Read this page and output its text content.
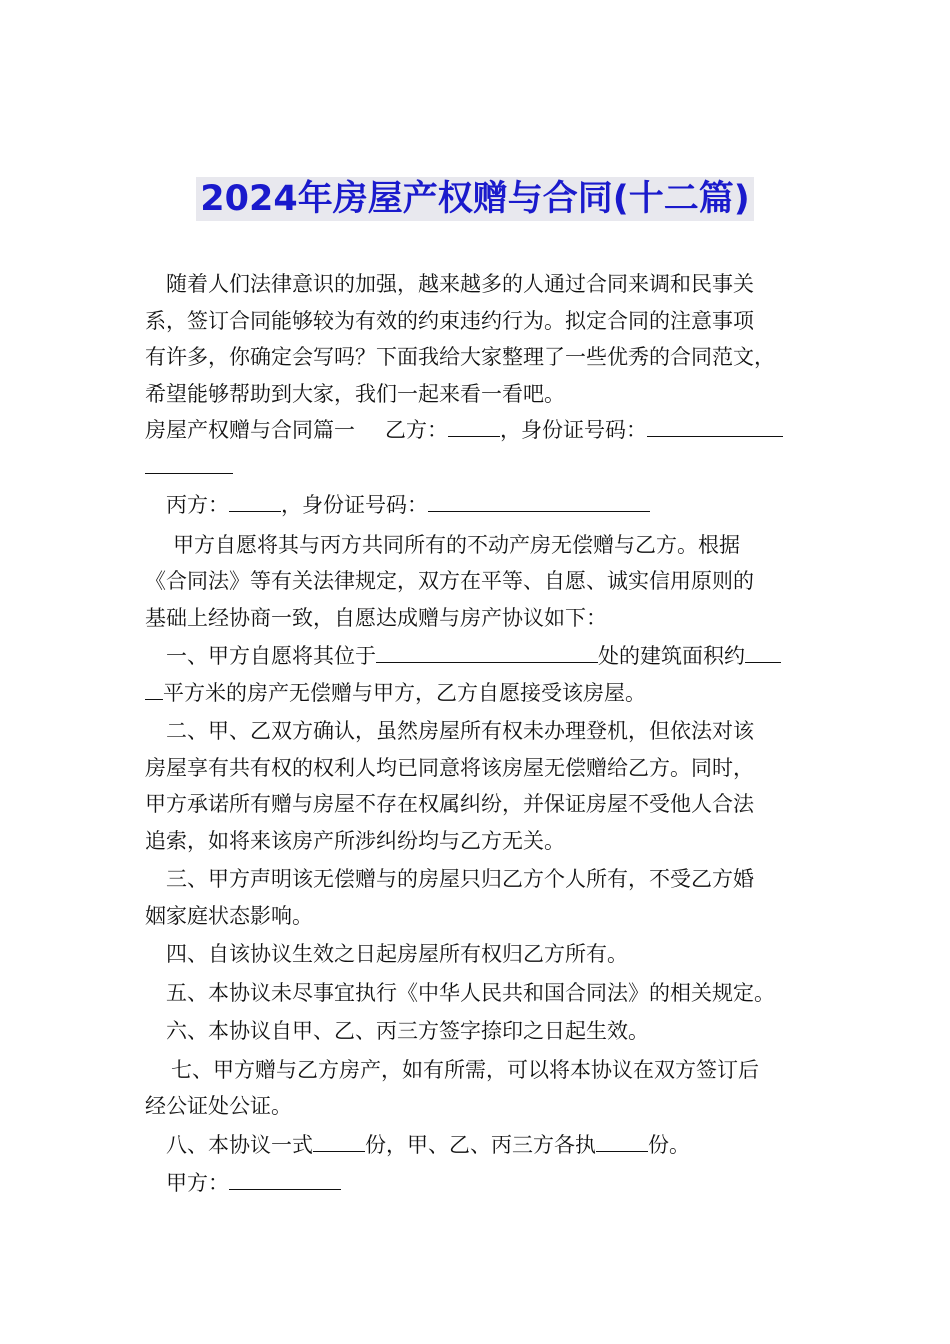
2024年房屋产权赠与合同(十二篇)
随着人们法律意识的加强，越来越多的人通过合同来调和民事关
系，签订合同能够较为有效的约束违约行为。拟定合同的注意事项
有许多，你确定会写吗？下面我给大家整理了一些优秀的合同范文，
希望能够帮助到大家，我们一起来看一看吧。
房屋产权赠与合同篇一 乙方： ，身份证号码：
丙方： ，身份证号码：
甲方自愿将其与丙方共同所有的不动产房无偿赠与乙方。根据
《合同法》等有关法律规定，双方在平等、自愿、诚实信用原则的
基础上经协商一致，自愿达成赠与房产协议如下：
一、甲方自愿将其位于	处的建筑面积约
平方米的房产无偿赠与甲方，乙方自愿接受该房屋。
二、甲、乙双方确认，虽然房屋所有权未办理登机，但依法对该
房屋享有共有权的权利人均已同意将该房屋无偿赠给乙方。同时，
甲方承诺所有赠与房屋不存在权属纠纷，并保证房屋不受他人合法
追索，如将来该房产所涉纠纷均与乙方无关。
三、甲方声明该无偿赠与的房屋只归乙方个人所有，不受乙方婚
姻家庭状态影响。
四、自该协议生效之日起房屋所有权归乙方所有。
五、本协议未尽事宜执行《中华人民共和国合同法》的相关规定。
六、本协议自甲、乙、丙三方签字捺印之日起生效。
七、甲方赠与乙方房产，如有所需，可以将本协议在双方签订后
经公证处公证。
八、本协议一式 份，甲、乙、丙三方各执 份。
甲方：
